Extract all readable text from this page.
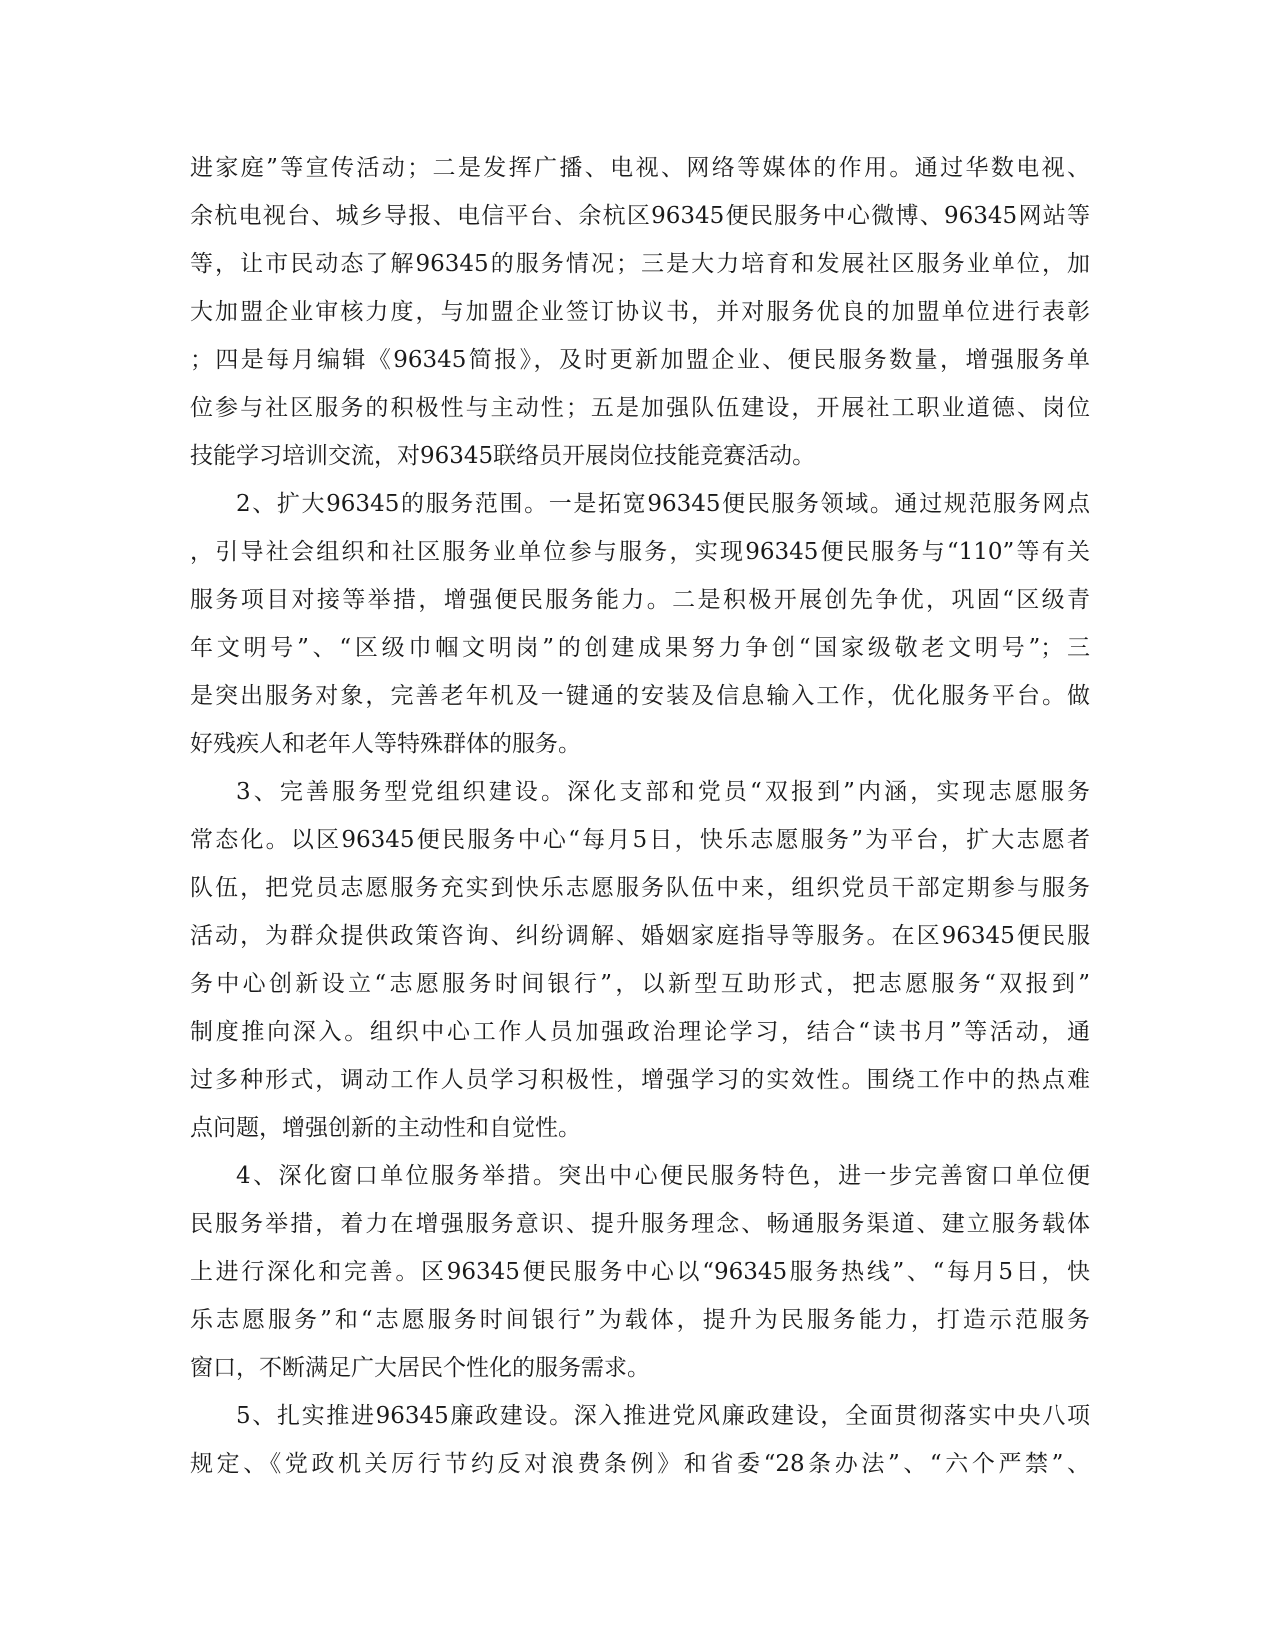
进家庭”等宣传活动；二是发挥广播、电视、网络等媒体的作用。通过华数电视、
余杭电视台、城乡导报、电信平台、余杭区96345便民服务中心微博、96345网站等
等，让市民动态了解96345的服务情况；三是大力培育和发展社区服务业单位，加
大加盟企业审核力度，与加盟企业签订协议书，并对服务优良的加盟单位进行表彰
；四是每月编辑《96345简报》，及时更新加盟企业、便民服务数量，增强服务单
位参与社区服务的积极性与主动性；五是加强队伍建设，开展社工职业道德、岗位
技能学习培训交流，对96345联络员开展岗位技能竞赛活动。
2、扩大96345的服务范围。一是拓宽96345便民服务领域。通过规范服务网点
，引导社会组织和社区服务业单位参与服务，实现96345便民服务与“110”等有关
服务项目对接等举措，增强便民服务能力。二是积极开展创先争优，巩固“区级青
年文明号”、“区级巾帼文明岗”的创建成果努力争创“国家级敬老文明号”；三
是突出服务对象，完善老年机及一键通的安装及信息输入工作，优化服务平台。做
好残疾人和老年人等特殊群体的服务。
3、完善服务型党组织建设。深化支部和党员“双报到”内涵，实现志愿服务
常态化。以区96345便民服务中心“每月5日，快乐志愿服务”为平台，扩大志愿者
队伍，把党员志愿服务充实到快乐志愿服务队伍中来，组织党员干部定期参与服务
活动，为群众提供政策咨询、纠纷调解、婚姻家庭指导等服务。在区96345便民服
务中心创新设立“志愿服务时间银行”，以新型互助形式，把志愿服务“双报到”
制度推向深入。组织中心工作人员加强政治理论学习，结合“读书月”等活动，通
过多种形式，调动工作人员学习积极性，增强学习的实效性。围绕工作中的热点难
点问题，增强创新的主动性和自觉性。
4、深化窗口单位服务举措。突出中心便民服务特色，进一步完善窗口单位便
民服务举措，着力在增强服务意识、提升服务理念、畅通服务渠道、建立服务载体
上进行深化和完善。区96345便民服务中心以“96345服务热线”、“每月5日，快
乐志愿服务”和“志愿服务时间银行”为载体，提升为民服务能力，打造示范服务
窗口，不断满足广大居民个性化的服务需求。
5、扎实推进96345廉政建设。深入推进党风廉政建设，全面贯彻落实中央八项
规定、《党政机关厉行节约反对浪费条例》和省委“28条办法”、“六个严禁”、
